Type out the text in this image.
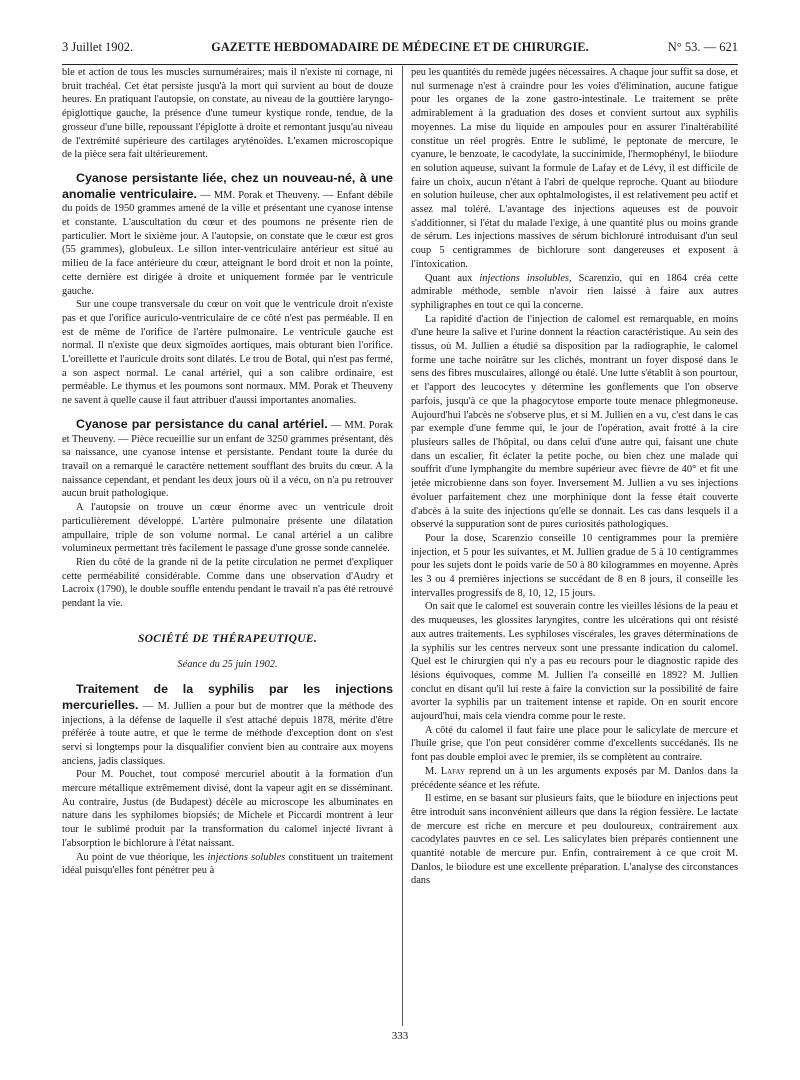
3 Juillet 1902.	GAZETTE HEBDOMADAIRE DE MÉDECINE ET DE CHIRURGIE.	N° 53. — 621

ble et action de tous les muscles surnuméraires; mais il n'existe ni cornage, ni bruit trachéal. Cet état persiste jusqu'à la mort qui survient au bout de douze heures. En pratiquant l'autopsie, on constate, au niveau de la gouttière laryngo-épiglottique gauche, la présence d'une tumeur kystique ronde, tendue, de la grosseur d'une bille, repoussant l'épiglotte à droite et remontant jusqu'au niveau de l'extrémité supérieure des cartilages aryténoïdes. L'examen microscopique de la pièce sera fait ultérieurement.

Cyanose persistante liée, chez un nouveau-né, à une anomalie ventriculaire. — MM. Porak et Theuveny. — Enfant débile du poids de 1950 grammes amené de la ville et présentant une cyanose intense et constante. L'auscultation du cœur et des poumons ne présente rien de particulier. Mort le sixième jour. A l'autopsie, on constate que le cœur est gros (55 grammes), globuleux. Le sillon inter-ventriculaire antérieur est situé au milieu de la face antérieure du cœur, atteignant le bord droit et non la pointe, cette dernière est dirigée à droite et uniquement formée par le ventricule gauche.

Sur une coupe transversale du cœur on voit que le ventricule droit n'existe pas et que l'orifice auriculo-ventriculaire de ce côté n'est pas perméable. Il en est de même de l'orifice de l'artère pulmonaire. Le ventricule gauche est normal. Il n'existe que deux sigmoïdes aortiques, mais obturant bien l'orifice. L'oreillette et l'auricule droits sont dilatés. Le trou de Botal, qui n'est pas fermé, a son aspect normal. Le canal artériel, qui a son calibre ordinaire, est perméable. Le thymus et les poumons sont normaux. MM. Porak et Theuveny ne savent à quelle cause il faut attribuer d'aussi importantes anomalies.

Cyanose par persistance du canal artériel. — MM. Porak et Theuveny. — Pièce recueillie sur un enfant de 3250 grammes présentant, dès sa naissance, une cyanose intense et persistante. Pendant toute la durée du travail on a remarqué le caractère nettement soufflant des bruits du cœur. A la naissance cependant, et pendant les deux jours où il a vécu, on n'a pu retrouver aucun bruit pathologique.

A l'autopsie on trouve un cœur énorme avec un ventricule droit particulièrement développé. L'artère pulmonaire présente une dilatation ampullaire, triple de son volume normal. Le canal artériel a un calibre volumineux permettant très facilement le passage d'une grosse sonde cannelée.

Rien du côté de la grande ni de la petite circulation ne permet d'expliquer cette perméabilité considérable. Comme dans une observation d'Audry et Lacroix (1790), le double souffle entendu pendant le travail n'a pas été retrouvé pendant la vie.

SOCIÉTÉ DE THÉRAPEUTIQUE.

Séance du 25 juin 1902.

Traitement de la syphilis par les injections mercurielles. — M. Jullien a pour but de montrer que la méthode des injections, à la défense de laquelle il s'est attaché depuis 1878, mérite d'être préférée à toute autre, et que le terme de méthode d'exception dont on s'est servi si longtemps pour la disqualifier convient bien au contraire aux moyens anciens, jadis classiques.

Pour M. Pouchet, tout composé mercuriel aboutit à la formation d'un mercure métallique extrêmement divisé, dont la vapeur agit en se disséminant. Au contraire, Justus (de Budapest) décèle au microscope les albuminates en nature dans les syphilomes biopsiés; de Michele et Piccardi montrent à leur tour le sublimé produit par la transformation du calomel injecté livrant à l'absorption le bichlorure à l'état naissant.

Au point de vue théorique, les injections solubles constituent un traitement idéal puisqu'elles font pénétrer peu à

peu les quantités du remède jugées nécessaires. A chaque jour suffit sa dose, et nul surmenage n'est à craindre pour les voies d'élimination, aucune fatigue pour les organes de la zone gastro-intestinale. Le traitement se prête admirablement à la graduation des doses et convient surtout aux syphilis moyennes. La mise du liquide en ampoules pour en assurer l'inaltérabilité constitue un réel progrès. Entre le sublimé, le peptonate de mercure, le cyanure, le benzoate, le cacodylate, la succinimide, l'hermophényl, le biiodure en solution aqueuse, suivant la formule de Lafay et de Lévy, il est difficile de faire un choix, aucun n'étant à l'abri de quelque reproche. Quant au biiodure en solution huileuse, cher aux ophtalmologistes, il est relativement peu actif et assez mal toléré. L'avantage des injections aqueuses est de pouvoir s'additionner, si l'état du malade l'exige, à une quantité plus ou moins grande de sérum. Les injections massives de sérum bichloruré introduisant d'un seul coup 5 centigrammes de bichlorure sont dangereuses et exposent à l'intoxication.

Quant aux injections insolubles, Scarenzio, qui en 1864 créa cette admirable méthode, semble n'avoir rien laissé à faire aux autres syphiligraphes en tout ce qui la concerne.

La rapidité d'action de l'injection de calomel est remarquable, en moins d'une heure la salive et l'urine donnent la réaction caractéristique. Au sein des tissus, où M. Jullien a étudié sa disposition par la radiographie, le calomel forme une tache noirâtre sur les clichés, montrant un foyer disposé dans le sens des fibres musculaires, allongé ou étalé. Une lutte s'établit à son pourtour, et l'apport des leucocytes y détermine les gonflements que l'on observe parfois, jusqu'à ce que la phagocytose emporte toute menace phlegmoneuse. Aujourd'hui l'abcès ne s'observe plus, et si M. Jullien en a vu, c'est dans le cas par exemple d'une femme qui, le jour de l'opération, avait frotté à la cire plusieurs salles de l'hôpital, ou dans celui d'une autre qui, faisant une chute dans un escalier, fit éclater la petite poche, ou bien chez une malade qui souffrit d'une lymphangite du membre supérieur avec fièvre de 40° et fit une jetée microbienne dans son foyer. Inversement M. Jullien a vu ses injections évoluer parfaitement chez une morphinique dont la fesse était couverte d'abcès à la suite des injections qu'elle se donnait. Les cas dans lesquels il a observé la suppuration sont de pures curiosités pathologiques.

Pour la dose, Scarenzio conseille 10 centigrammes pour la première injection, et 5 pour les suivantes, et M. Jullien gradue de 5 à 10 centigrammes pour les sujets dont le poids varie de 50 à 80 kilogrammes en moyenne. Après les 3 ou 4 premières injections se succédant de 8 en 8 jours, il conseille les intervalles progressifs de 8, 10, 12, 15 jours.

On sait que le calomel est souverain contre les vieilles lésions de la peau et des muqueuses, les glossites laryngites, contre les ulcérations qui ont résisté aux autres traitements. Les syphiloses viscérales, les graves déterminations de la syphilis sur les centres nerveux sont une pressante indication du calomel. Quel est le chirurgien qui n'y a pas eu recours pour le diagnostic rapide des lésions équivoques, comme M. Jullien l'a conseillé en 1892? M. Jullien conclut en disant qu'il lui reste à faire la conviction sur la possibilité de faire avorter la syphilis par un traitement intense et rapide. On en sourit encore aujourd'hui, mais cela viendra comme pour le reste.

A côté du calomel il faut faire une place pour le salicylate de mercure et l'huile grise, que l'on peut considérer comme d'excellents succédanés. Ils ne font pas double emploi avec le premier, ils se complètent au contraire.

M. Lafay reprend un à un les arguments exposés par M. Danlos dans la précédente séance et les réfute.

Il estime, en se basant sur plusieurs faits, que le biiodure en injections peut être introduit sans inconvénient ailleurs que dans la région fessière. Le lactate de mercure est riche en mercure et peu douloureux, contrairement aux cacodylates pauvres en ce sel. Les salicylates bien préparés contiennent une quantité notable de mercure pur. Enfin, contrairement à ce que croit M. Danlos, le biiodure est une excellente préparation. L'analyse des circonstances dans

333
